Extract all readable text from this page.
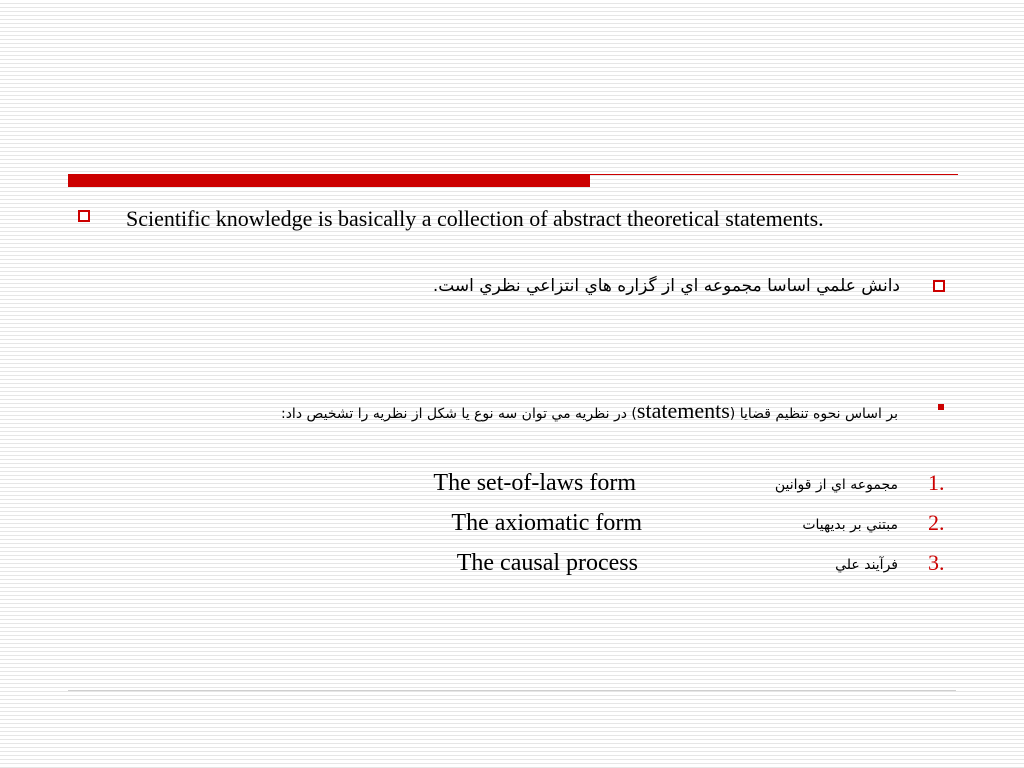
Scientific knowledge is basically a collection of abstract theoretical statements.
دانش علمي اساسا مجموعه اي از گزاره هاي انتزاعي نظري است.
بر اساس نحوه تنظيم قضايا (statements) در نظريه مي توان سه نوع يا شكل از نظريه را تشخيص داد:
1.
مجموعه اي از قوانين
The set-of-laws form
2.
مبتني بر بديهيات
The axiomatic form
3.
فرآيند علي
The causal process
